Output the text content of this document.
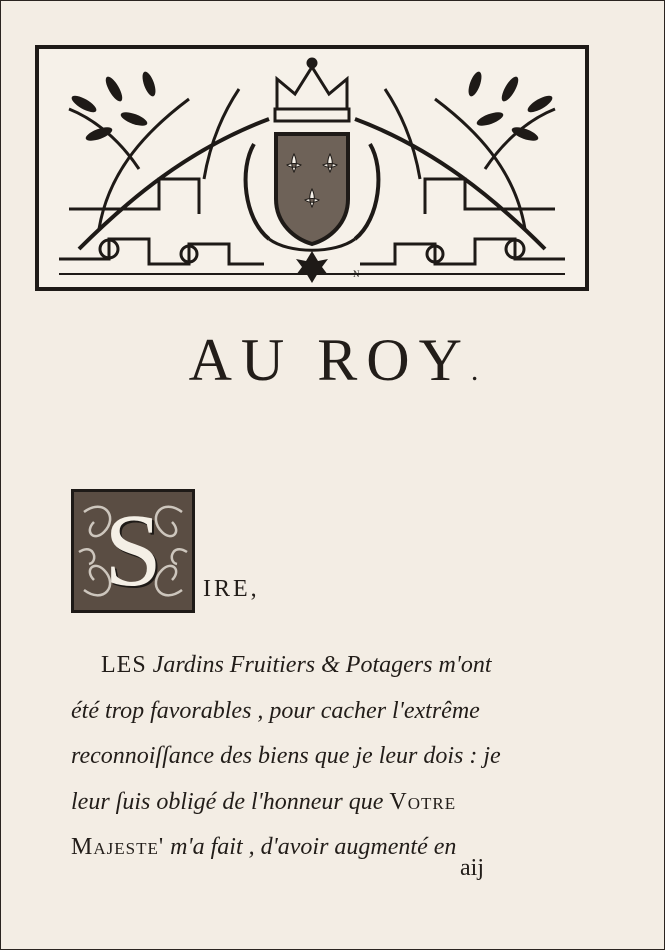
N
AU ROY.
S	IRE,
LES Jardins Fruitiers & Potagers m'ont
été trop favorables , pour cacher l'extrême
reconnoiſſance des biens que je leur dois : je
leur ſuis obligé de l'honneur que Votre
Majeste' m'a fait , d'avoir augmenté en
aij
